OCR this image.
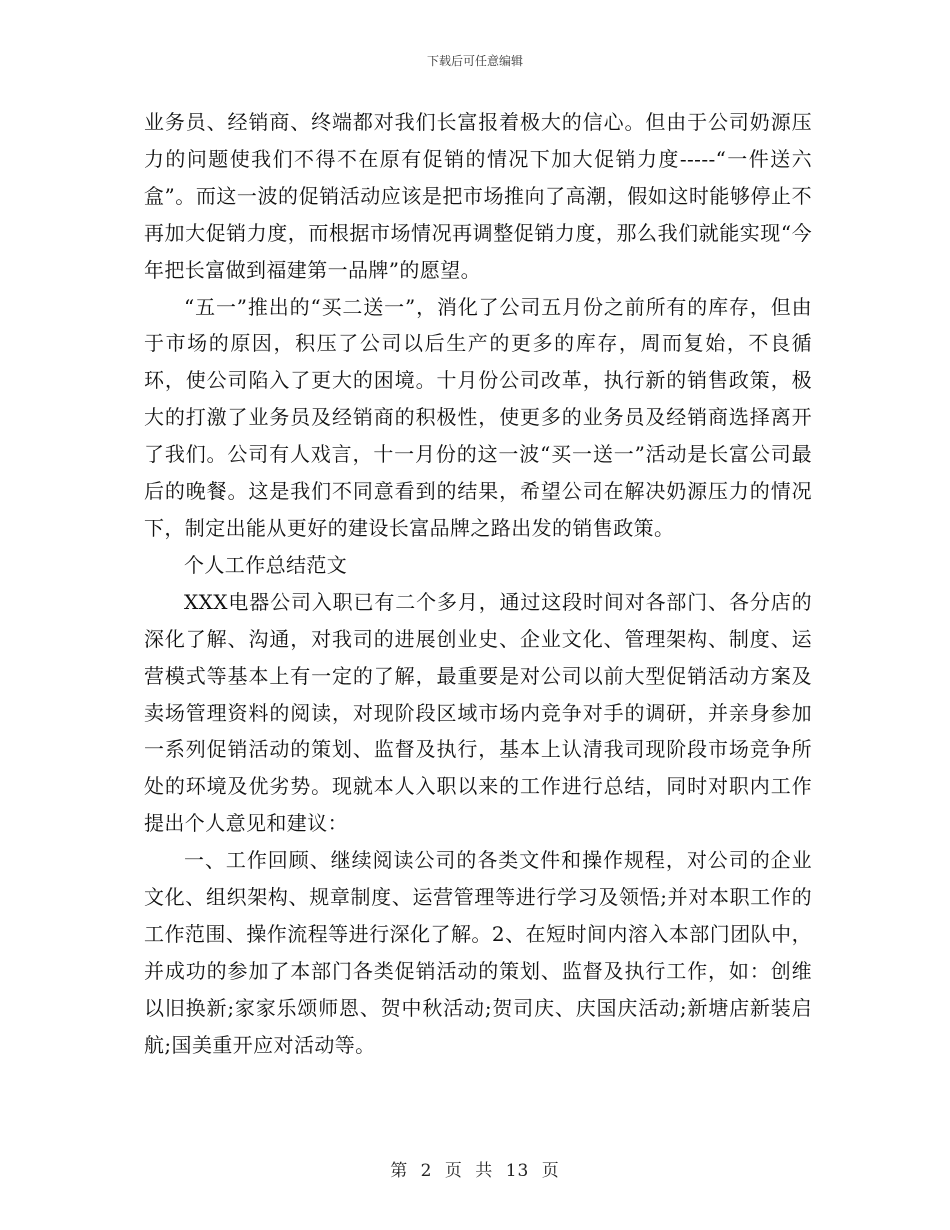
下载后可任意编辑

业务员、经销商、终端都对我们长富报着极大的信心。但由于公司奶源压力的问题使我们不得不在原有促销的情况下加大促销力度-----“一件送六盒”。而这一波的促销活动应该是把市场推向了高潮，假如这时能够停止不再加大促销力度，而根据市场情况再调整促销力度，那么我们就能实现“今年把长富做到福建第一品牌”的愿望。

“五一”推出的“买二送一”，消化了公司五月份之前所有的库存，但由于市场的原因，积压了公司以后生产的更多的库存，周而复始，不良循环，使公司陷入了更大的困境。十月份公司改革，执行新的销售政策，极大的打激了业务员及经销商的积极性，使更多的业务员及经销商选择离开了我们。公司有人戏言，十一月份的这一波“买一送一”活动是长富公司最后的晚餐。这是我们不同意看到的结果，希望公司在解决奶源压力的情况下，制定出能从更好的建设长富品牌之路出发的销售政策。

个人工作总结范文

XXX电器公司入职已有二个多月，通过这段时间对各部门、各分店的深化了解、沟通，对我司的进展创业史、企业文化、管理架构、制度、运营模式等基本上有一定的了解，最重要是对公司以前大型促销活动方案及卖场管理资料的阅读，对现阶段区域市场内竞争对手的调研，并亲身参加一系列促销活动的策划、监督及执行，基本上认清我司现阶段市场竞争所处的环境及优劣势。现就本人入职以来的工作进行总结，同时对职内工作提出个人意见和建议：

一、工作回顾、继续阅读公司的各类文件和操作规程，对公司的企业文化、组织架构、规章制度、运营管理等进行学习及领悟;并对本职工作的工作范围、操作流程等进行深化了解。2、在短时间内溶入本部门团队中，并成功的参加了本部门各类促销活动的策划、监督及执行工作，如：创维以旧换新;家家乐颂师恩、贺中秋活动;贺司庆、庆国庆活动;新塘店新装启航;国美重开应对活动等。

第 2 页 共 13 页
